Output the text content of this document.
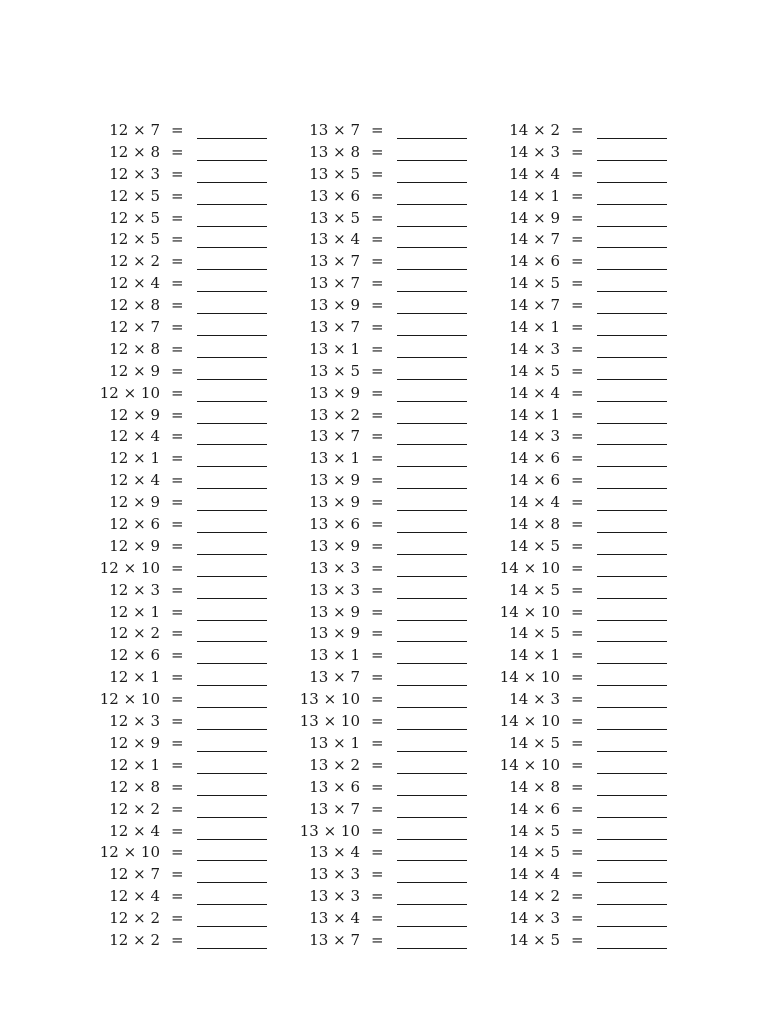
12 × 7 =
12 × 8 =
12 × 3 =
12 × 5 =
12 × 5 =
12 × 5 =
12 × 2 =
12 × 4 =
12 × 8 =
12 × 7 =
12 × 8 =
12 × 9 =
12 × 10 =
12 × 9 =
12 × 4 =
12 × 1 =
12 × 4 =
12 × 9 =
12 × 6 =
12 × 9 =
12 × 10 =
12 × 3 =
12 × 1 =
12 × 2 =
12 × 6 =
12 × 1 =
12 × 10 =
12 × 3 =
12 × 9 =
12 × 1 =
12 × 8 =
12 × 2 =
12 × 4 =
12 × 10 =
12 × 7 =
12 × 4 =
12 × 2 =
12 × 2 =
13 × 7 =
13 × 8 =
13 × 5 =
13 × 6 =
13 × 5 =
13 × 4 =
13 × 7 =
13 × 7 =
13 × 9 =
13 × 7 =
13 × 1 =
13 × 5 =
13 × 9 =
13 × 2 =
13 × 7 =
13 × 1 =
13 × 9 =
13 × 9 =
13 × 6 =
13 × 9 =
13 × 3 =
13 × 3 =
13 × 9 =
13 × 9 =
13 × 1 =
13 × 7 =
13 × 10 =
13 × 10 =
13 × 1 =
13 × 2 =
13 × 6 =
13 × 7 =
13 × 10 =
13 × 4 =
13 × 3 =
13 × 3 =
13 × 4 =
13 × 7 =
14 × 2 =
14 × 3 =
14 × 4 =
14 × 1 =
14 × 9 =
14 × 7 =
14 × 6 =
14 × 5 =
14 × 7 =
14 × 1 =
14 × 3 =
14 × 5 =
14 × 4 =
14 × 1 =
14 × 3 =
14 × 6 =
14 × 6 =
14 × 4 =
14 × 8 =
14 × 5 =
14 × 10 =
14 × 5 =
14 × 10 =
14 × 5 =
14 × 1 =
14 × 10 =
14 × 3 =
14 × 10 =
14 × 5 =
14 × 10 =
14 × 8 =
14 × 6 =
14 × 5 =
14 × 5 =
14 × 4 =
14 × 2 =
14 × 3 =
14 × 5 =
